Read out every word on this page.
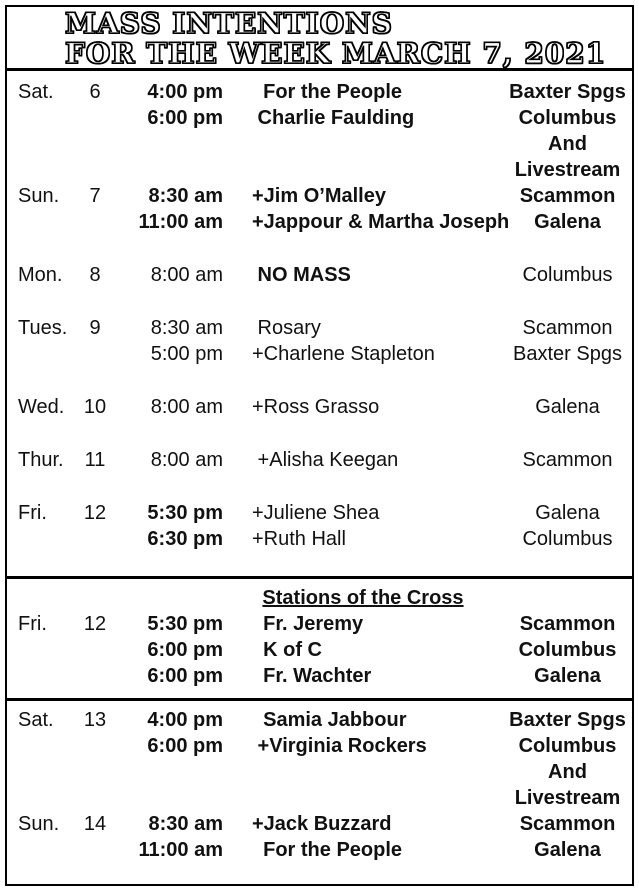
MASS INTENTIONS
FOR THE WEEK MARCH 7, 2021
Sat.	6	4:00 pm	For the People	Baxter Spgs
6:00 pm	Charlie Faulding	Columbus
And
Livestream
Sun.	7	8:30 am	+Jim O’Malley	Scammon
11:00 am	+Jappour & Martha Joseph	Galena
Mon.	8	8:00 am	NO MASS	Columbus
Tues.	9	8:30 am	Rosary	Scammon
5:00 pm	+Charlene Stapleton	Baxter Spgs
Wed. 10	8:00 am	+Ross Grasso	Galena
Thur.	11	8:00 am	+Alisha Keegan	Scammon
Fri.	12	5:30 pm	+Juliene Shea	Galena
6:30 pm	+Ruth Hall	Columbus
Stations of the Cross
Fri.	12	5:30 pm	Fr. Jeremy	Scammon
6:00 pm	K of C	Columbus
6:00 pm	Fr. Wachter	Galena
Sat.	13	4:00 pm	Samia Jabbour	Baxter Spgs
6:00 pm	+Virginia Rockers	Columbus
And
Livestream
Sun.	14	8:30 am	+Jack Buzzard	Scammon
11:00 am	For the People	Galena
